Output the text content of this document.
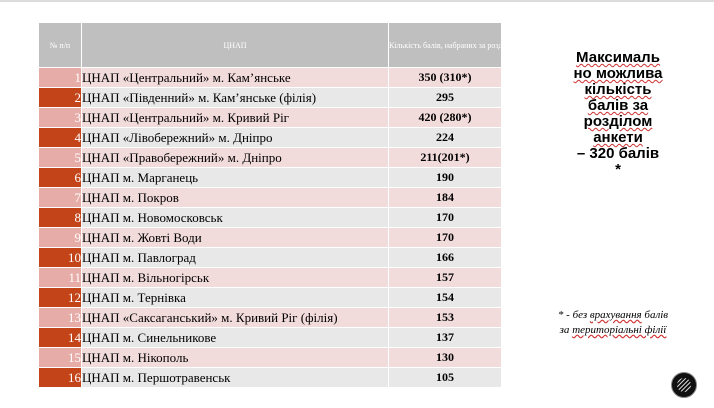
№ п/п	ЦНАП	Кількість балів, набраних за розділом анкети
1	ЦНАП «Центральний» м. Кам’янське	350 (310*)
2	ЦНАП «Південний» м. Кам’янське (філія)	295
3	ЦНАП «Центральний» м. Кривий Ріг	420 (280*)
4	ЦНАП «Лівобережний» м. Дніпро	224
5	ЦНАП «Правобережний» м. Дніпро	211(201*)
6	ЦНАП м. Марганець	190
7	ЦНАП м. Покров	184
8	ЦНАП м. Новомосковськ	170
9	ЦНАП м. Жовті Води	170
10	ЦНАП м. Павлоград	166
11	ЦНАП м. Вільногірськ	157
12	ЦНАП м. Тернівка	154
13	ЦНАП «Саксаганський» м. Кривий Ріг (філія)	153
14	ЦНАП м. Синельникове	137
15	ЦНАП м. Нікополь	130
16	ЦНАП м. Першотравенськ	105
Максималь
но можлива
кількість
балів за
розділом
анкети
– 320 балів
*
* - без врахування балів
за територіальні філії
